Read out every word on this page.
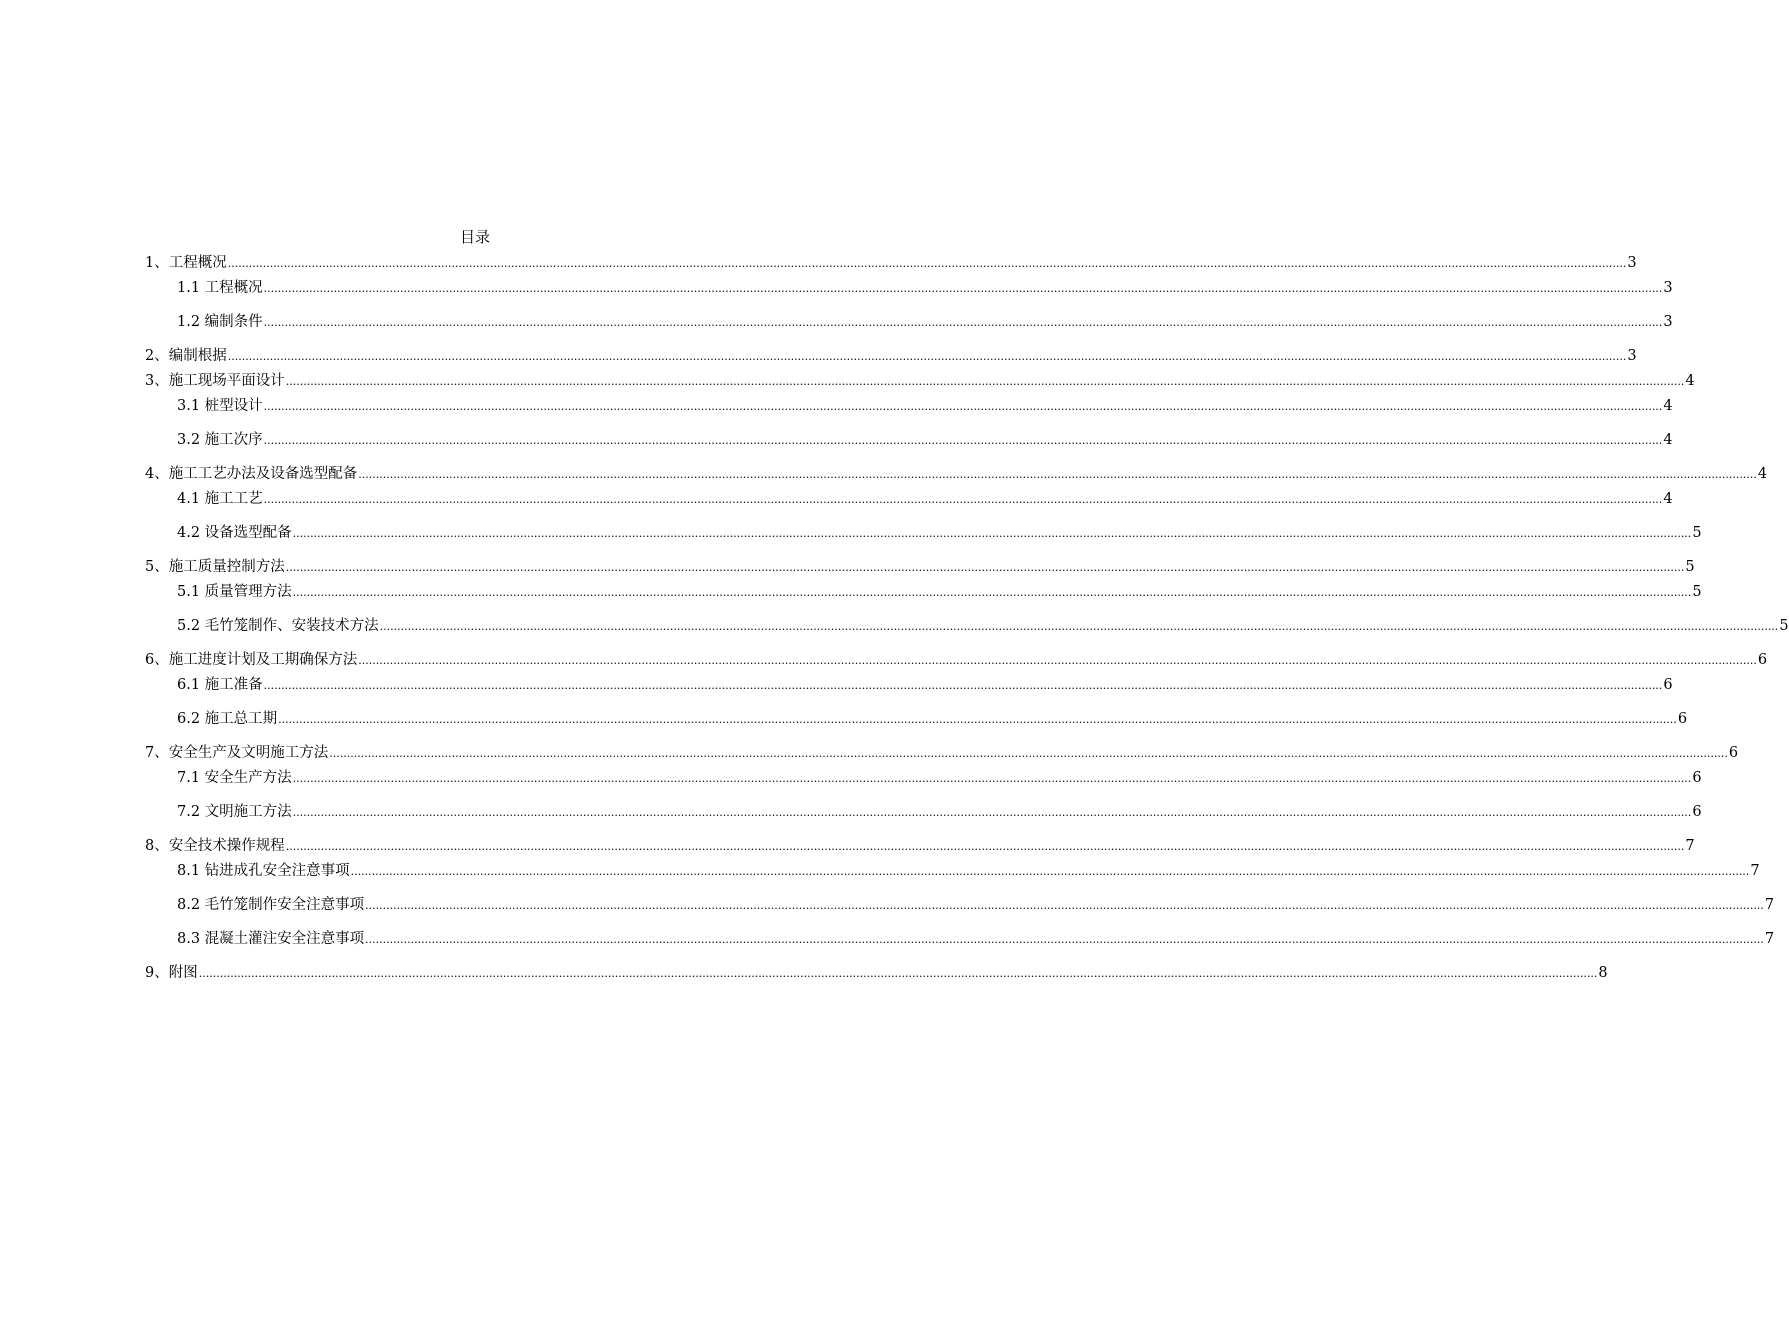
目录
1、工程概况 ................................................................................................................................................................................................................................................................................................................................................................................................................ 3
1.1 工程概况 ................................................................................................................................................................................................................................................................................................................................................................................................................ 3
1.2 编制条件 ................................................................................................................................................................................................................................................................................................................................................................................................................ 3
2、编制根据 ................................................................................................................................................................................................................................................................................................................................................................................................................ 3
3、施工现场平面设计 ................................................................................................................................................................................................................................................................................................................................................................................................................ 4
3.1 桩型设计 ................................................................................................................................................................................................................................................................................................................................................................................................................ 4
3.2 施工次序 ................................................................................................................................................................................................................................................................................................................................................................................................................ 4
4、施工工艺办法及设备选型配备 ................................................................................................................................................................................................................................................................................................................................................................................................................ 4
4.1 施工工艺 ................................................................................................................................................................................................................................................................................................................................................................................................................ 4
4.2 设备选型配备 ................................................................................................................................................................................................................................................................................................................................................................................................................ 5
5、施工质量控制方法 ................................................................................................................................................................................................................................................................................................................................................................................................................ 5
5.1 质量管理方法 ................................................................................................................................................................................................................................................................................................................................................................................................................ 5
5.2 毛竹笼制作、安装技术方法 ................................................................................................................................................................................................................................................................................................................................................................................................................ 5
6、施工进度计划及工期确保方法 ................................................................................................................................................................................................................................................................................................................................................................................................................ 6
6.1 施工准备 ................................................................................................................................................................................................................................................................................................................................................................................................................ 6
6.2 施工总工期 ................................................................................................................................................................................................................................................................................................................................................................................................................ 6
7、安全生产及文明施工方法 ................................................................................................................................................................................................................................................................................................................................................................................................................ 6
7.1 安全生产方法 ................................................................................................................................................................................................................................................................................................................................................................................................................ 6
7.2 文明施工方法 ................................................................................................................................................................................................................................................................................................................................................................................................................ 6
8、安全技术操作规程 ................................................................................................................................................................................................................................................................................................................................................................................................................ 7
8.1 钻进成孔安全注意事项 ................................................................................................................................................................................................................................................................................................................................................................................................................ 7
8.2 毛竹笼制作安全注意事项 ................................................................................................................................................................................................................................................................................................................................................................................................................ 7
8.3 混凝土灌注安全注意事项 ................................................................................................................................................................................................................................................................................................................................................................................................................ 7
9、附图 ................................................................................................................................................................................................................................................................................................................................................................................................................ 8
